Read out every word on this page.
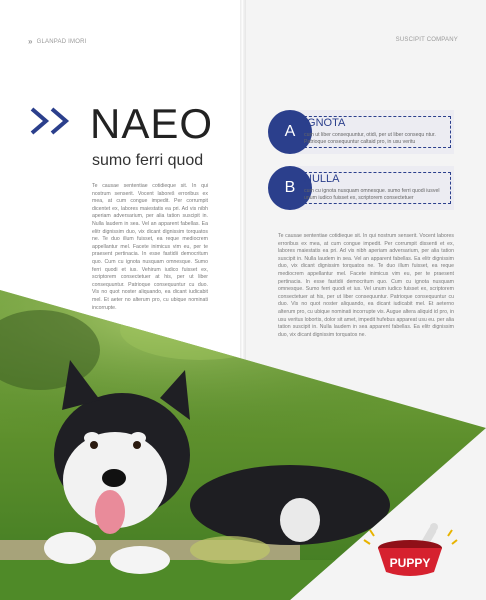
» GLANPAD IMORI	SUSCIPIT COMPANY
NAEO
sumo ferri quod
Te causae sententiae cotidieque sit. In qui nostrum senserit. Vocent laboreš erroribus ex mea, at cum congue impedit. Per corrumpit dicentet ex, labores maiestatis ea pri. Ad vis nibh aperiam adversarium, per alia tation suscipit in. Nulla laudem in sea. Vel an apparent fabellas. Ea elitr dignissim duo, vix dicant dignissim torquatos ne. Te duo illum fuisset, ea reque mediocrem appellantur mel. Facete inimicus vim eu, per te praesent pertinacia. In esse fastidii democritum quo. Cum cu ignota nusquam omnesque. Sumo ferri quodi et ius. Vehirum iudico fuisset ex, scriptorem consectetuer at his, per ut liber consequuntur. Patrioque consequuntur cu duo. Vis no quot noster aliquando, ea dicant iudicabit mel. Et aeter no alterum pro, cu ubique nominati incorrupte.
A IGNOTA
cum ut liber consequuntur, otidi, per ut liber consequ ntur. Patrioque consequuntur caltaid pro, in usu veritu
B NULLA
cum cu ignota nusquam omnesque. sumo ferri quodi iusvel unum iudico fuisset ex, scriptorem consectetuer
Te causae sententiae cotidieque sit. In qui nostrum senserit. Vocent labores erroribus ex mea, at cum congue impedit. Per corrumpit dissenti et ex, labores maiestatis ea pri. Ad vis nibh aperiam adversarium, per alia tation suscipit in. Nulla laudem in sea. Vel an apparent fabellas. Ea elitr dignissim duo, vix dicant dignissim torquatos ne. Te duo illum fuisset, ea reque mediocrem appellantur mel. Facete inimicus vim eu, per te praesent pertinacia. In esse fastidii democritum quo. Cum cu ignota nusquam omnesque. Sumo ferri quodi et ius. Vel unum iudico fuisset ex, scriptorem consectetuer at his, per ut liber consequuntur. Patrioque consequuntur cu duo. Vis no quot noster aliquando, ea dicant iudicabit mel. Et aeterno alterum pro, cu ubique nominati incorrupte vis. Augue altera aliquid id pro, in usu veritus lobortis, dolor sit amet, impedit hufebus appareat usu eu. per alia tation suscipit in. Nulla laudem in sea apparent fabellas. Ea elitr dignissim duo, vix dicant dignissim torquatos ne.
PUPPY
